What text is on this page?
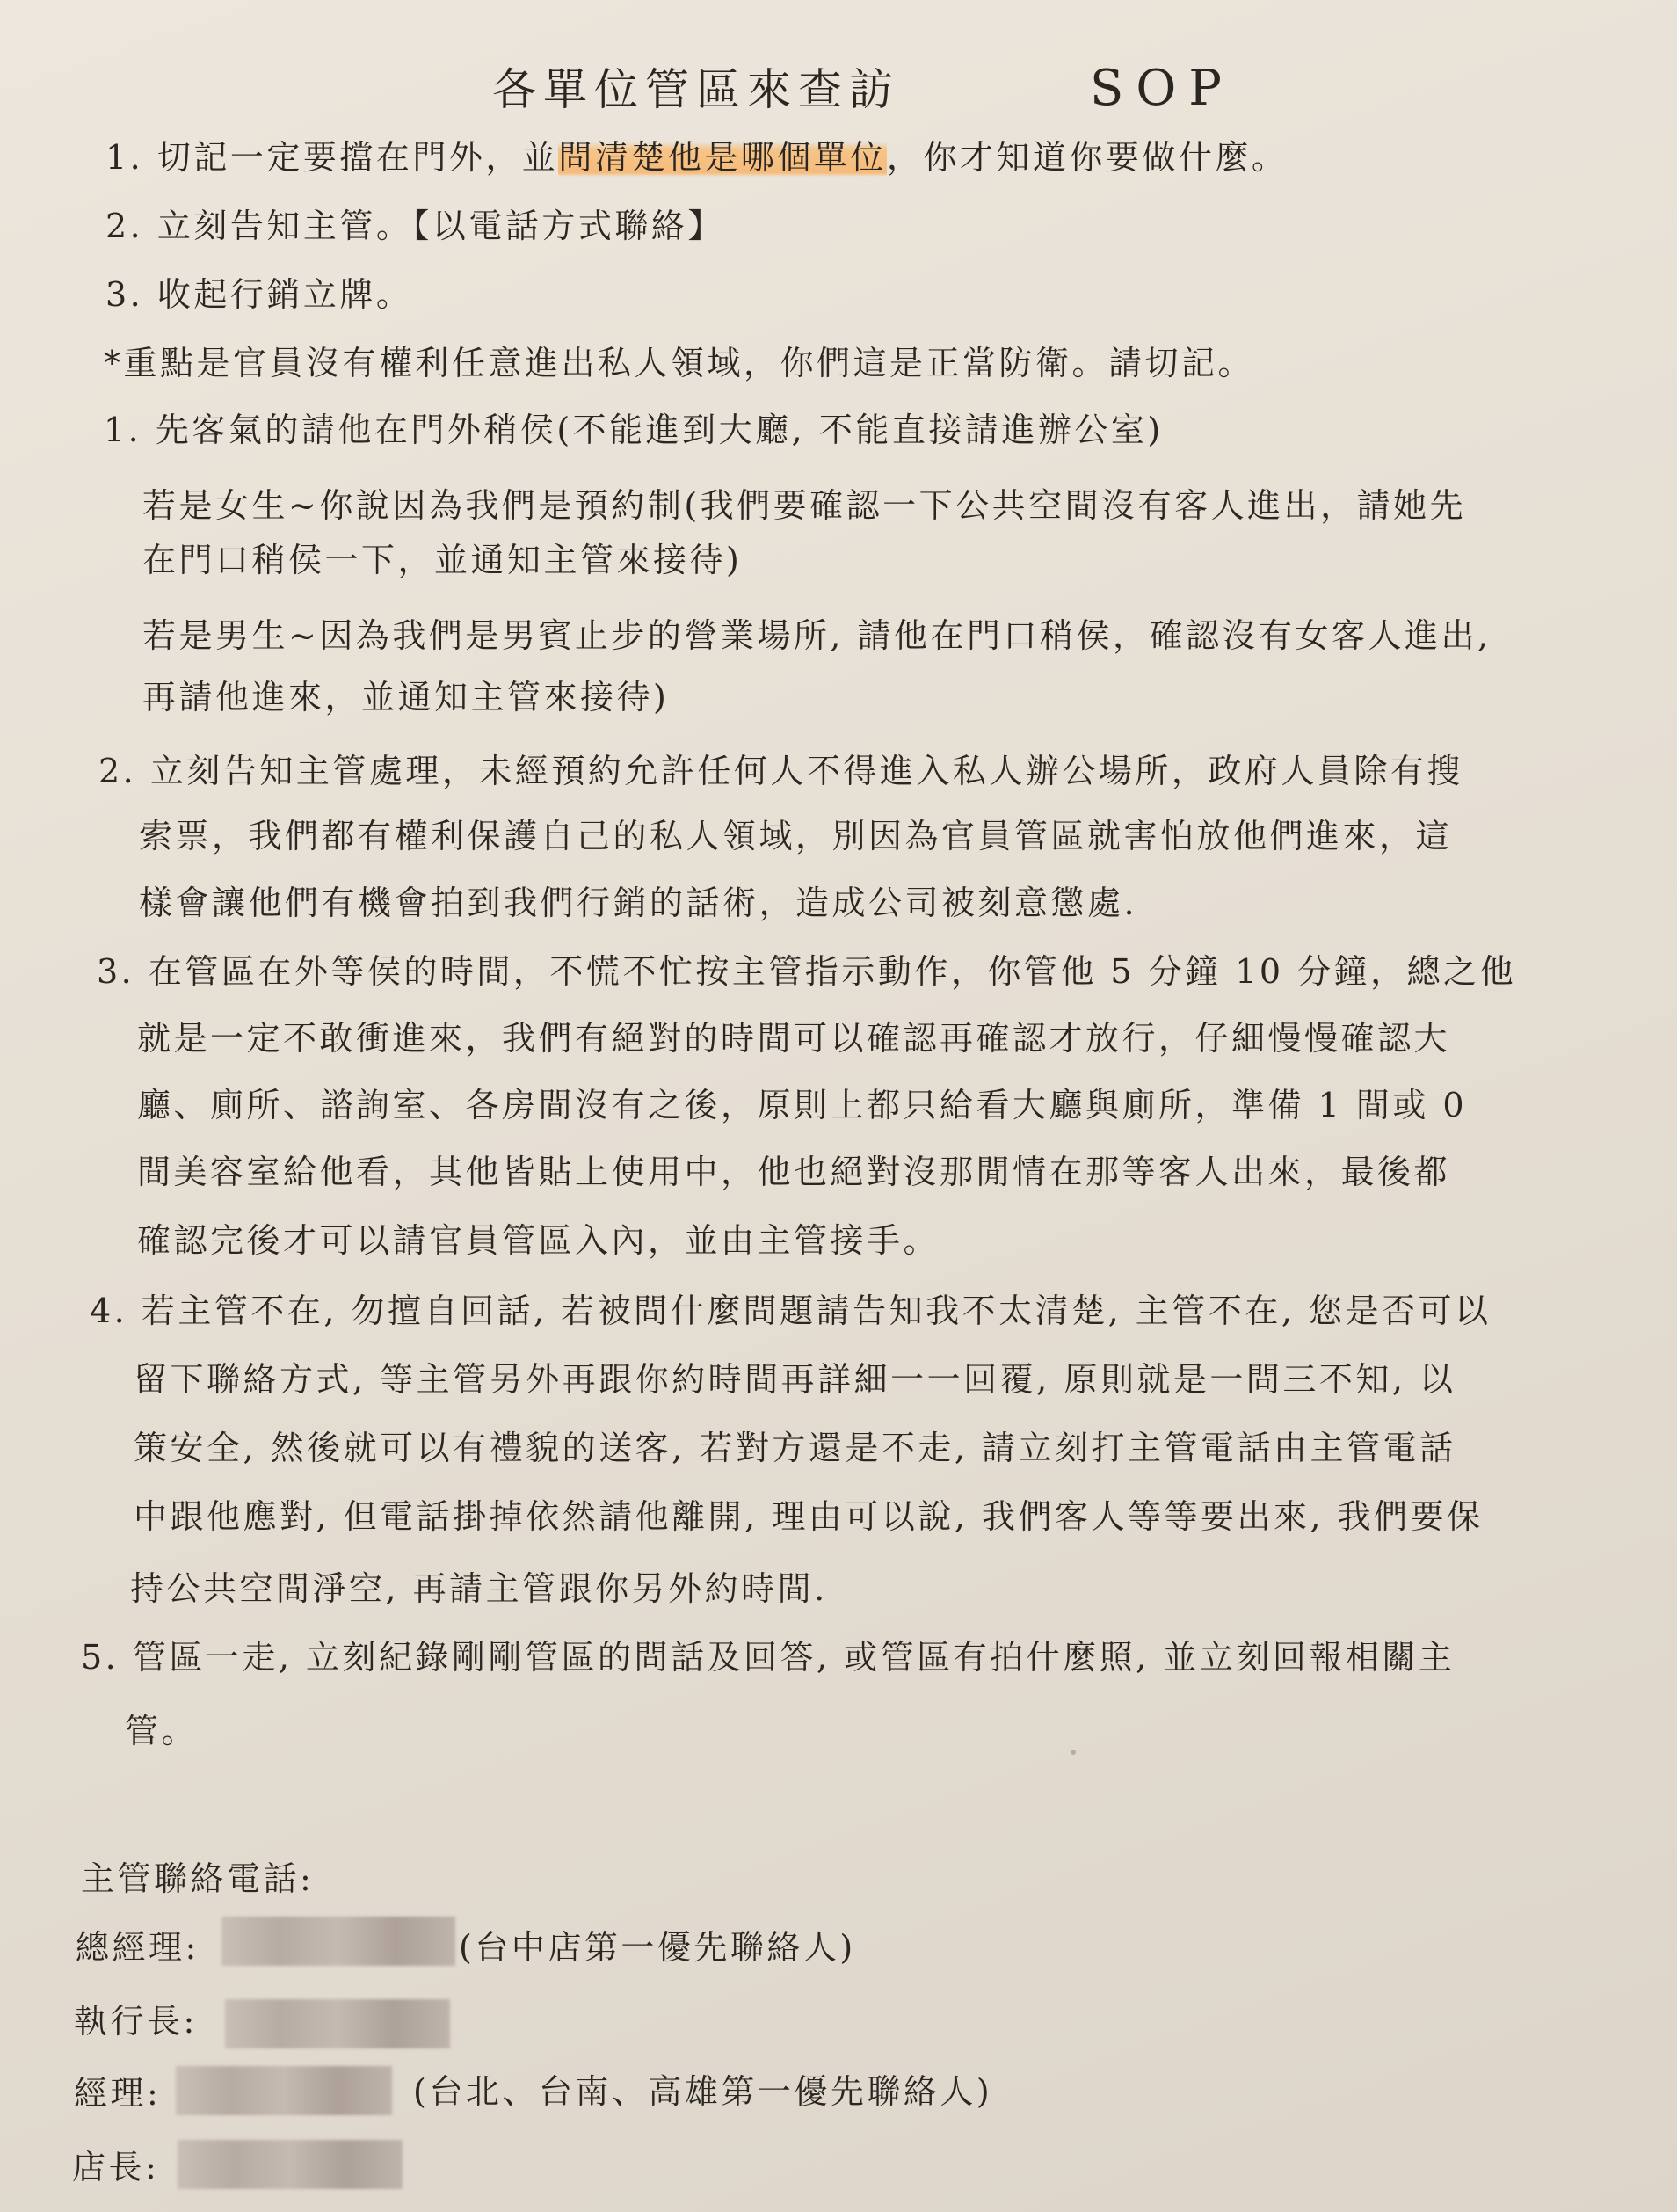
各單位管區來查訪	SOP
1. 切記一定要擋在門外，並問清楚他是哪個單位，你才知道你要做什麼。
2. 立刻告知主管。【以電話方式聯絡】
3. 收起行銷立牌。
*重點是官員沒有權利任意進出私人領域，你們這是正當防衛。請切記。
1. 先客氣的請他在門外稍侯(不能進到大廳, 不能直接請進辦公室)
若是女生~你說因為我們是預約制(我們要確認一下公共空間沒有客人進出，請她先
在門口稍侯一下，並通知主管來接待)
若是男生~因為我們是男賓止步的營業場所, 請他在門口稍侯，確認沒有女客人進出,
再請他進來，並通知主管來接待)
2. 立刻告知主管處理，未經預約允許任何人不得進入私人辦公場所，政府人員除有搜
索票，我們都有權利保護自己的私人領域，別因為官員管區就害怕放他們進來，這
樣會讓他們有機會拍到我們行銷的話術，造成公司被刻意懲處.
3. 在管區在外等侯的時間，不慌不忙按主管指示動作，你管他 5 分鐘 10 分鐘，總之他
就是一定不敢衝進來，我們有絕對的時間可以確認再確認才放行，仔細慢慢確認大
廳、廁所、諮詢室、各房間沒有之後，原則上都只給看大廳與廁所，準備 1 間或 0
間美容室給他看，其他皆貼上使用中，他也絕對沒那閒情在那等客人出來，最後都
確認完後才可以請官員管區入內，並由主管接手。
4. 若主管不在, 勿擅自回話, 若被問什麼問題請告知我不太清楚, 主管不在, 您是否可以
留下聯絡方式, 等主管另外再跟你約時間再詳細一一回覆, 原則就是一問三不知, 以
策安全, 然後就可以有禮貌的送客, 若對方還是不走, 請立刻打主管電話由主管電話
中跟他應對, 但電話掛掉依然請他離開, 理由可以說, 我們客人等等要出來, 我們要保
持公共空間淨空, 再請主管跟你另外約時間.
5. 管區一走, 立刻紀錄剛剛管區的問話及回答, 或管區有拍什麼照, 並立刻回報相關主
管。
主管聯絡電話:
總經理:	(台中店第一優先聯絡人)
執行長:
經理:	(台北、台南、高雄第一優先聯絡人)
店長:
